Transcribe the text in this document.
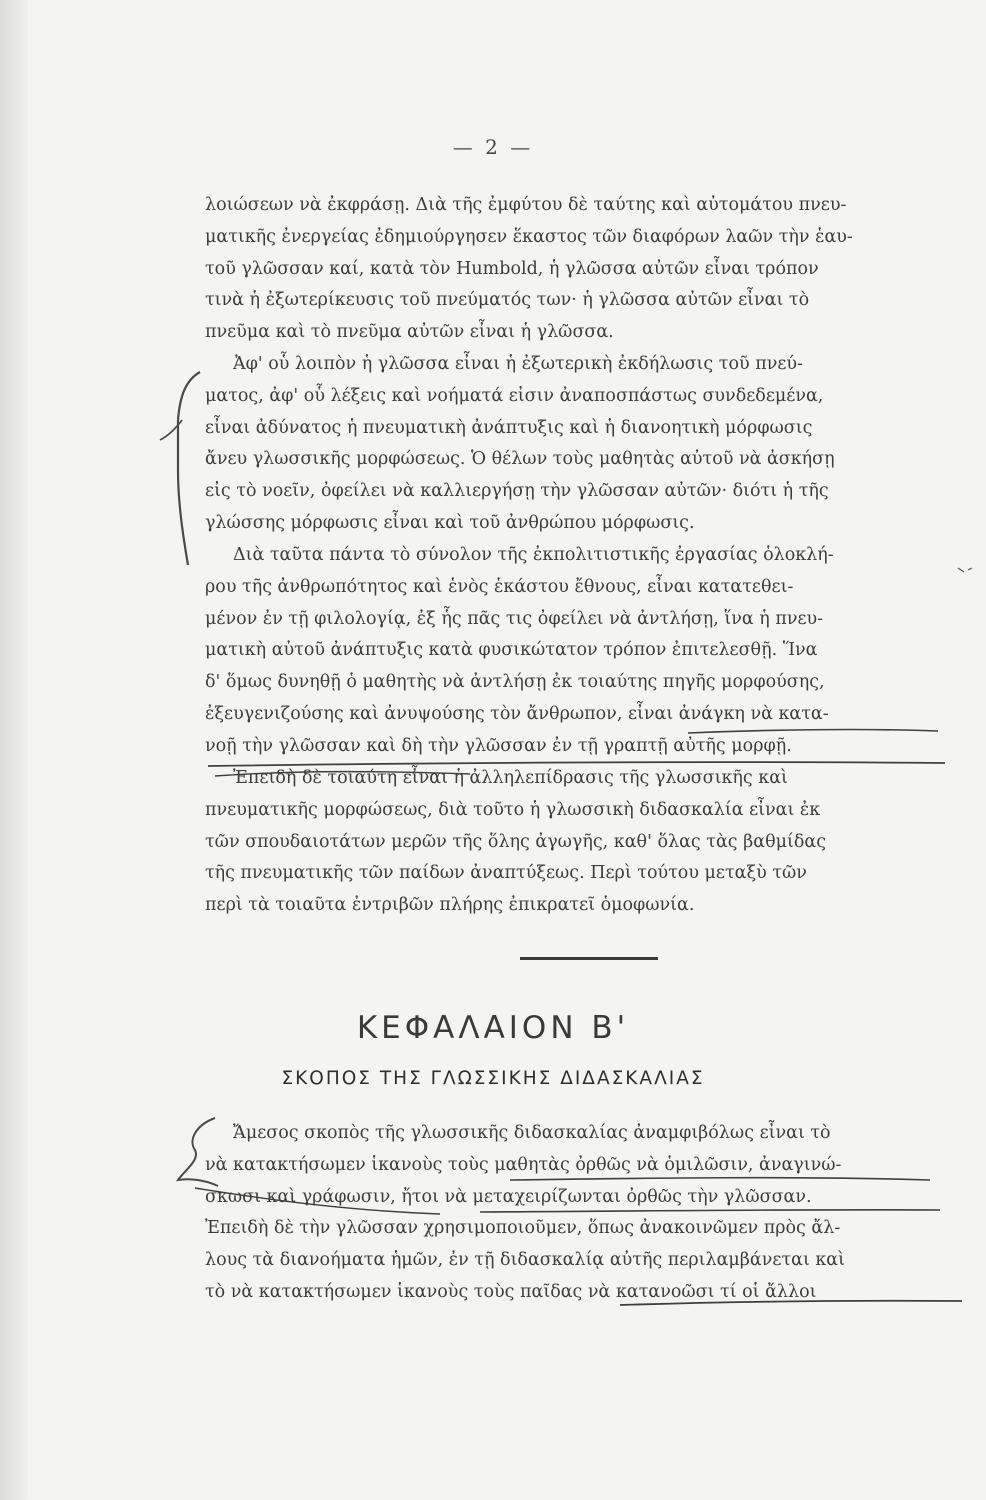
— 2 —
λοιώσεων νὰ ἐκφράσῃ. Διὰ τῆς ἐμφύτου δὲ ταύτης καὶ αὐτομάτου πνευ-
ματικῆς ἐνεργείας ἐδημιούργησεν ἕκαστος τῶν διαφόρων λαῶν τὴν ἑαυ-
τοῦ γλῶσσαν καί, κατὰ τὸν Humbold, ἡ γλῶσσα αὐτῶν εἶναι τρόπον
τινὰ ἡ ἐξωτερίκευσις τοῦ πνεύματός των· ἡ γλῶσσα αὐτῶν εἶναι τὸ
πνεῦμα καὶ τὸ πνεῦμα αὐτῶν εἶναι ἡ γλῶσσα.
Ἀφ' οὗ λοιπὸν ἡ γλῶσσα εἶναι ἡ ἐξωτερικὴ ἐκδήλωσις τοῦ πνεύ-
ματος, ἀφ' οὗ λέξεις καὶ νοήματά εἰσιν ἀναποσπάστως συνδεδεμένα,
εἶναι ἀδύνατος ἡ πνευματικὴ ἀνάπτυξις καὶ ἡ διανοητικὴ μόρφωσις
ἄνευ γλωσσικῆς μορφώσεως. Ὁ θέλων τοὺς μαθητὰς αὐτοῦ νὰ ἀσκήσῃ
εἰς τὸ νοεῖν, ὀφείλει νὰ καλλιεργήσῃ τὴν γλῶσσαν αὐτῶν· διότι ἡ τῆς
γλώσσης μόρφωσις εἶναι καὶ τοῦ ἀνθρώπου μόρφωσις.
Διὰ ταῦτα πάντα τὸ σύνολον τῆς ἐκπολιτιστικῆς ἐργασίας ὁλοκλή-
ρου τῆς ἀνθρωπότητος καὶ ἑνὸς ἑκάστου ἔθνους, εἶναι κατατεθει-
μένον ἐν τῇ φιλολογίᾳ, ἐξ ἧς πᾶς τις ὀφείλει νὰ ἀντλήσῃ, ἵνα ἡ πνευ-
ματικὴ αὐτοῦ ἀνάπτυξις κατὰ φυσικώτατον τρόπον ἐπιτελεσθῇ. Ἵνα
δ' ὅμως δυνηθῇ ὁ μαθητὴς νὰ ἀντλήσῃ ἐκ τοιαύτης πηγῆς μορφούσης,
ἐξευγενιζούσης καὶ ἀνυψούσης τὸν ἄνθρωπον, εἶναι ἀνάγκη νὰ κατα-
νοῇ τὴν γλῶσσαν καὶ δὴ τὴν γλῶσσαν ἐν τῇ γραπτῇ αὐτῆς μορφῇ.
Ἐπειδὴ δὲ τοιαύτη εἶναι ἡ ἀλληλεπίδρασις τῆς γλωσσικῆς καὶ
πνευματικῆς μορφώσεως, διὰ τοῦτο ἡ γλωσσικὴ διδασκαλία εἶναι ἐκ
τῶν σπουδαιοτάτων μερῶν τῆς ὅλης ἀγωγῆς, καθ' ὅλας τὰς βαθμίδας
τῆς πνευματικῆς τῶν παίδων ἀναπτύξεως. Περὶ τούτου μεταξὺ τῶν
περὶ τὰ τοιαῦτα ἐντριβῶν πλήρης ἐπικρατεῖ ὁμοφωνία.
ΚΕΦΑΛΑΙΟΝ Β'
ΣΚΟΠΟΣ ΤΗΣ ΓΛΩΣΣΙΚΗΣ ΔΙΔΑΣΚΑΛΙΑΣ
Ἄμεσος σκοπὸς τῆς γλωσσικῆς διδασκαλίας ἀναμφιβόλως εἶναι τὸ
νὰ κατακτήσωμεν ἱκανοὺς τοὺς μαθητὰς ὀρθῶς νὰ ὁμιλῶσιν, ἀναγινώ-
σκωσι καὶ γράφωσιν, ἤτοι νὰ μεταχειρίζωνται ὀρθῶς τὴν γλῶσσαν.
Ἐπειδὴ δὲ τὴν γλῶσσαν χρησιμοποιοῦμεν, ὅπως ἀνακοινῶμεν πρὸς ἄλ-
λους τὰ διανοήματα ἡμῶν, ἐν τῇ διδασκαλίᾳ αὐτῆς περιλαμβάνεται καὶ
τὸ νὰ κατακτήσωμεν ἱκανοὺς τοὺς παῖδας νὰ κατανοῶσι τί οἱ ἄλλοι
